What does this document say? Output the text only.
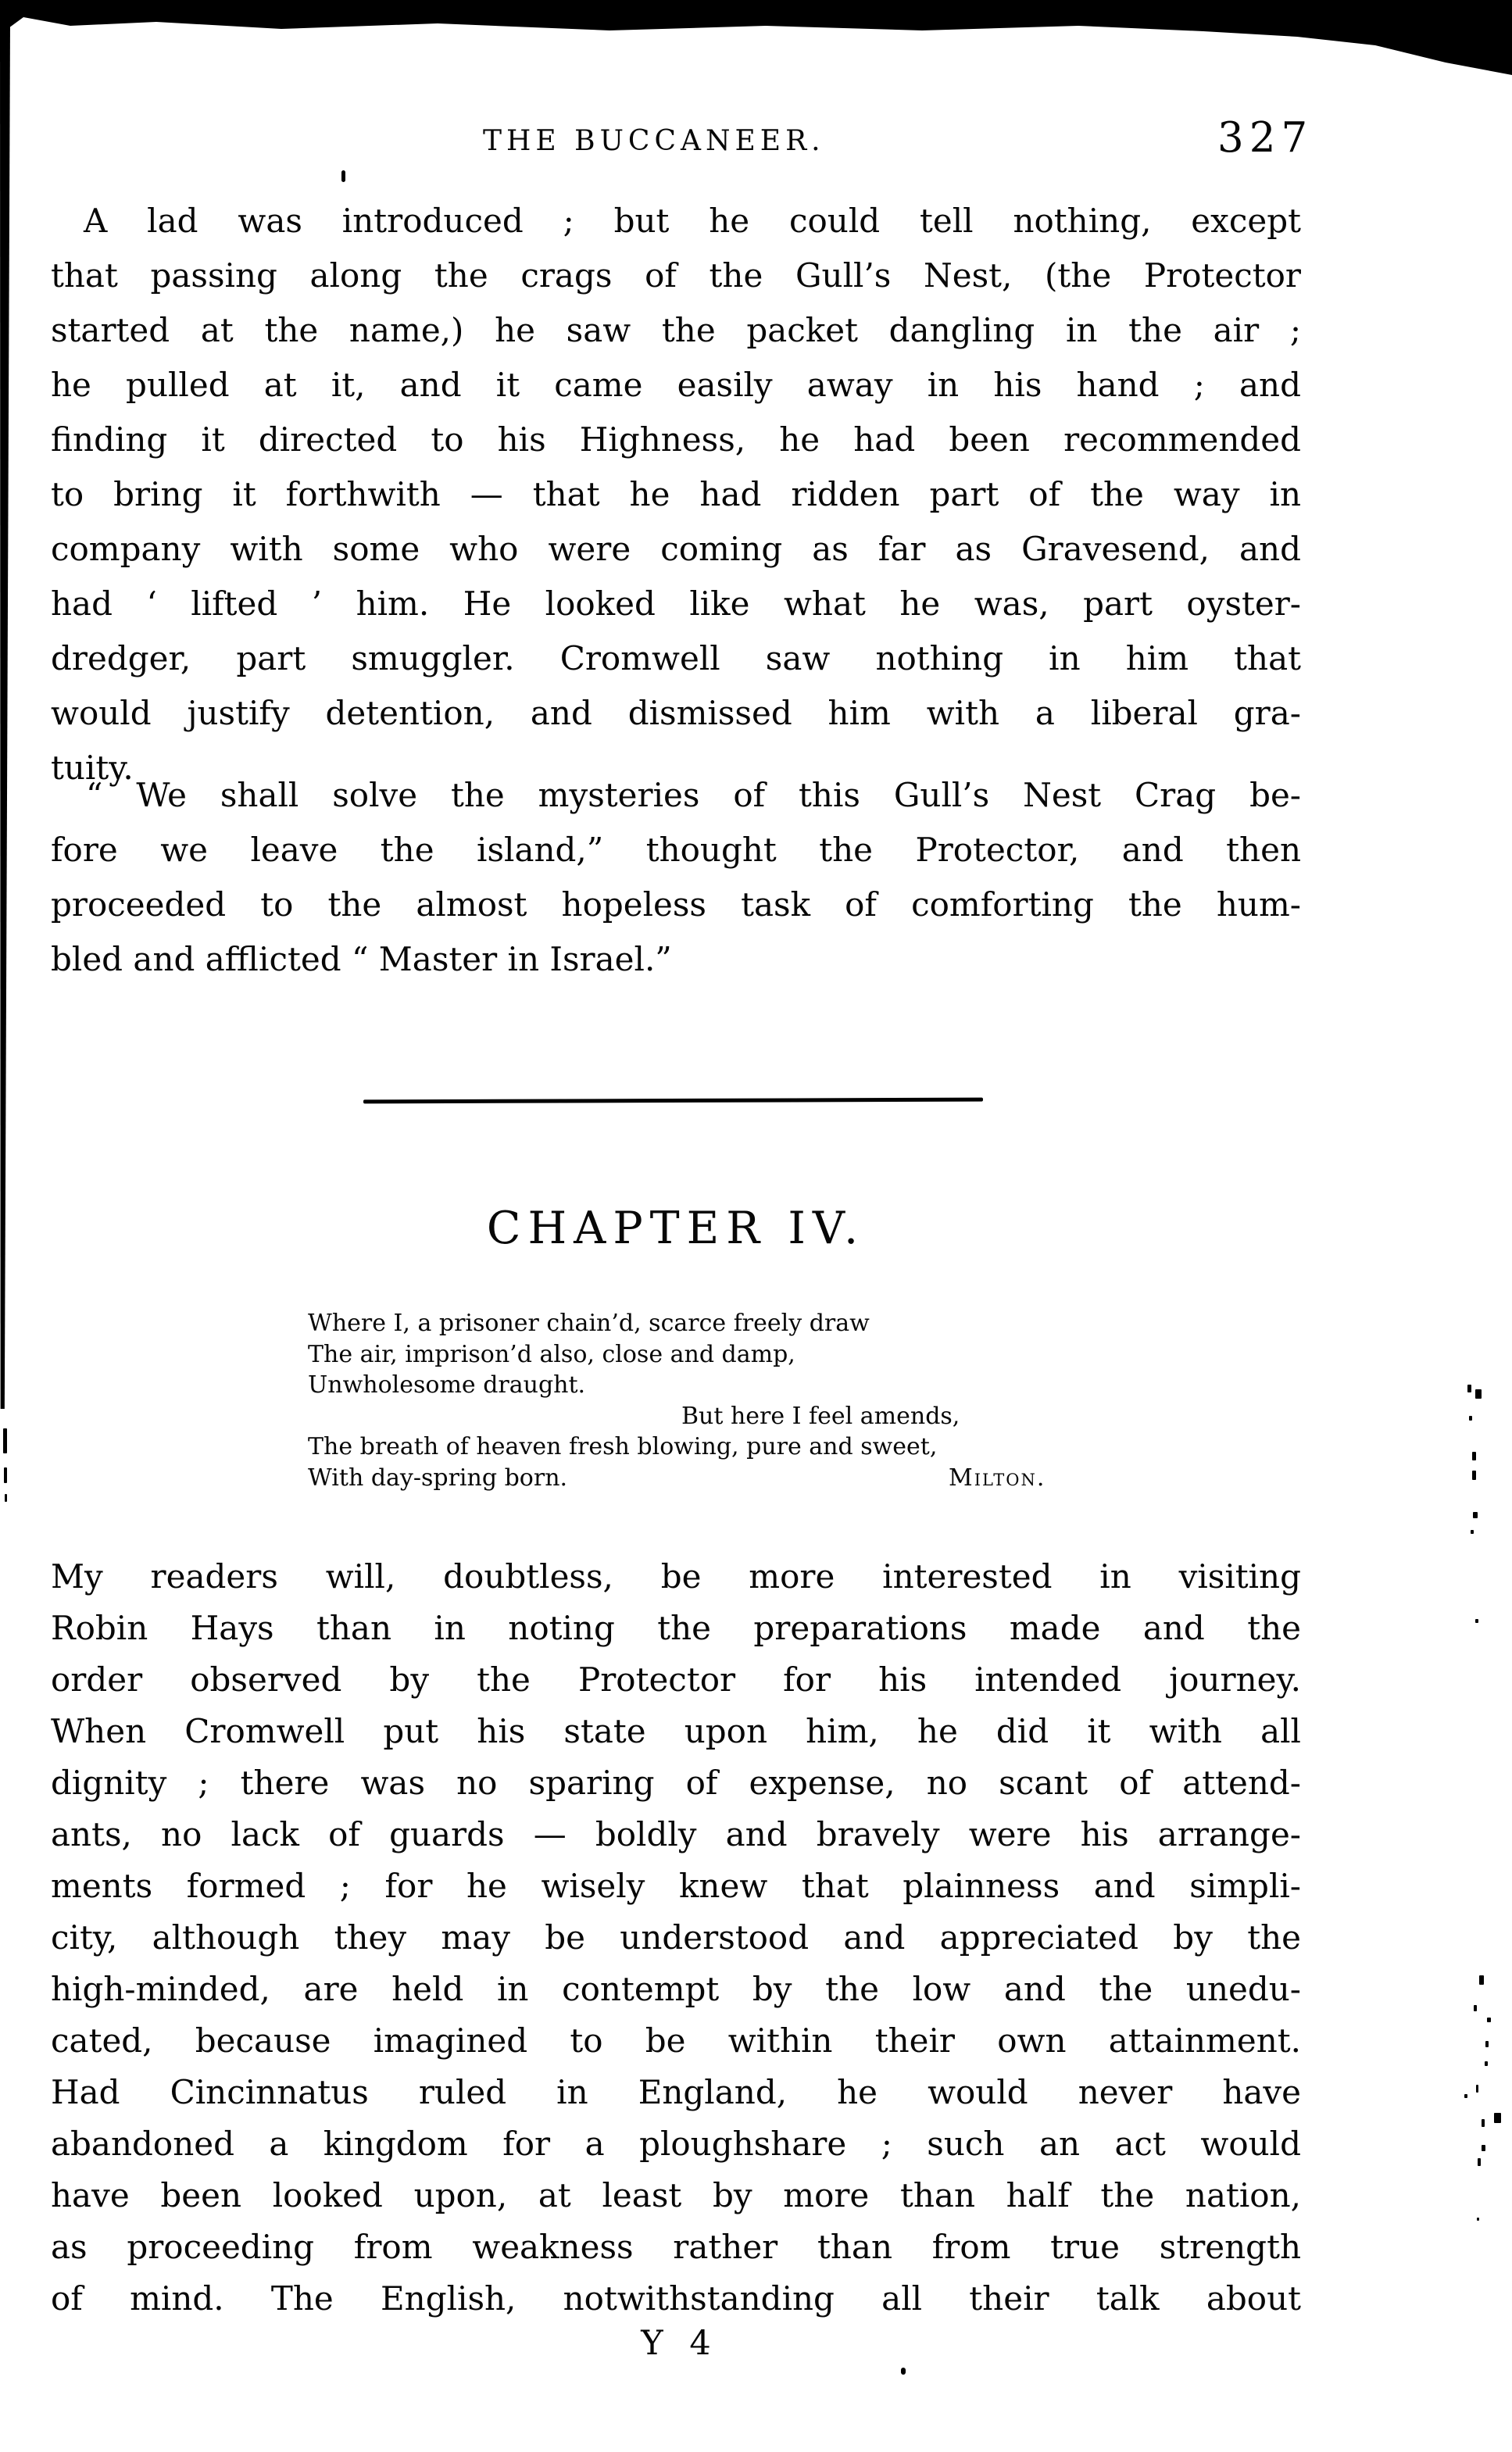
THE BUCCANEER.	327
A lad was introduced ; but he could tell nothing, except
that passing along the crags of the Gull’s Nest, (the Protector
started at the name,) he saw the packet dangling in the air ;
he pulled at it, and it came easily away in his hand ; and
finding it directed to his Highness, he had been recommended
to bring it forthwith — that he had ridden part of the way in
company with some who were coming as far as Gravesend, and
had ‘ lifted ’ him. He looked like what he was, part oyster-
dredger, part smuggler. Cromwell saw nothing in him that
would justify detention, and dismissed him with a liberal gra-
tuity.
“ We shall solve the mysteries of this Gull’s Nest Crag be-
fore we leave the island,” thought the Protector, and then
proceeded to the almost hopeless task of comforting the hum-
bled and afflicted “ Master in Israel.”
CHAPTER IV.
Where I, a prisoner chain’d, scarce freely draw
The air, imprison’d also, close and damp,
Unwholesome draught.
But here I feel amends,
The breath of heaven fresh blowing, pure and sweet,
With day-spring born.	Milton.
My readers will, doubtless, be more interested in visiting
Robin Hays than in noting the preparations made and the
order observed by the Protector for his intended journey.
When Cromwell put his state upon him, he did it with all
dignity ; there was no sparing of expense, no scant of attend-
ants, no lack of guards — boldly and bravely were his arrange-
ments formed ; for he wisely knew that plainness and simpli-
city, although they may be understood and appreciated by the
high-minded, are held in contempt by the low and the unedu-
cated, because imagined to be within their own attainment.
Had Cincinnatus ruled in England, he would never have
abandoned a kingdom for a ploughshare ; such an act would
have been looked upon, at least by more than half the nation,
as proceeding from weakness rather than from true strength
of mind. The English, notwithstanding all their talk about
Y 4
